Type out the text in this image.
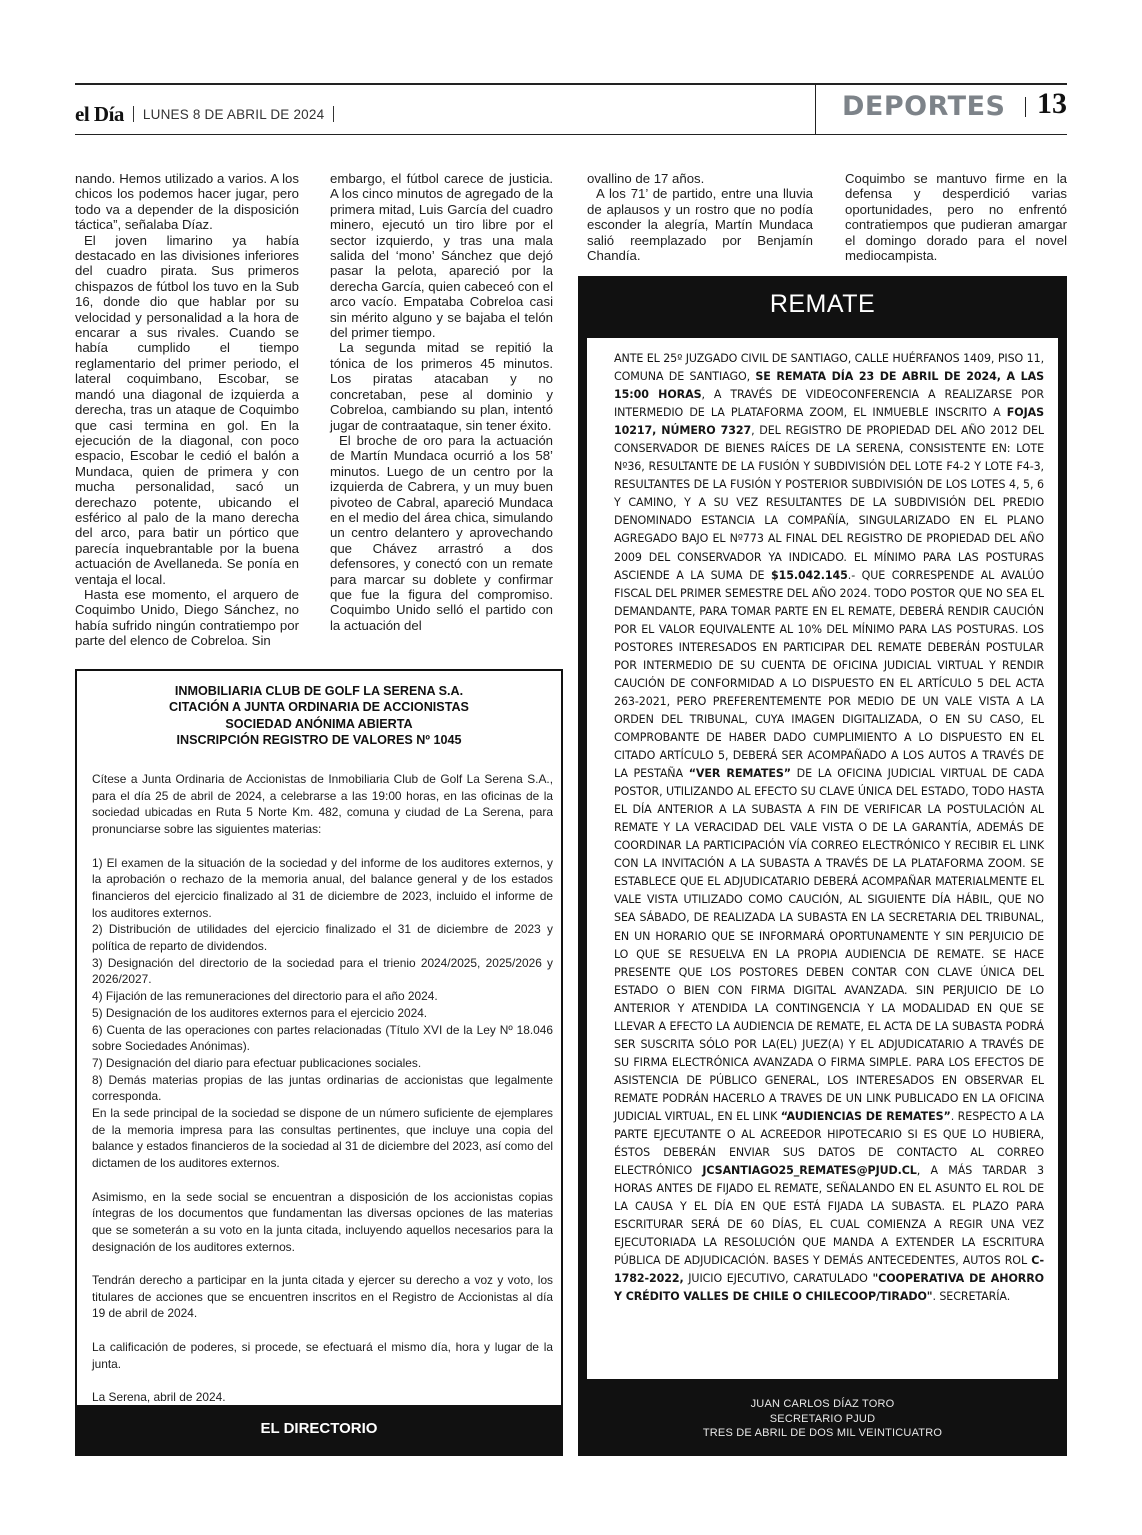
el Día LUNES 8 DE ABRIL DE 2024	DEPORTES 13

nando. Hemos utilizado a varios. A los chicos los podemos hacer jugar, pero todo va a depender de la disposición táctica”, señalaba Díaz.

El joven limarino ya había destacado en las divisiones inferiores del cuadro pirata. Sus primeros chispazos de fútbol los tuvo en la Sub 16, donde dio que hablar por su velocidad y personalidad a la hora de encarar a sus rivales. Cuando se había cumplido el tiempo reglamentario del primer periodo, el lateral coquimbano, Escobar, se mandó una diagonal de izquierda a derecha, tras un ataque de Coquimbo que casi termina en gol. En la ejecución de la diagonal, con poco espacio, Escobar le cedió el balón a Mundaca, quien de primera y con mucha personalidad, sacó un derechazo potente, ubicando el esférico al palo de la mano derecha del arco, para batir un pórtico que parecía inquebrantable por la buena actuación de Avellaneda. Se ponía en ventaja el local.

Hasta ese momento, el arquero de Coquimbo Unido, Diego Sánchez, no había sufrido ningún contratiempo por parte del elenco de Cobreloa. Sin

embargo, el fútbol carece de justicia. A los cinco minutos de agregado de la primera mitad, Luis García del cuadro minero, ejecutó un tiro libre por el sector izquierdo, y tras una mala salida del ‘mono’ Sánchez que dejó pasar la pelota, apareció por la derecha García, quien cabeceó con el arco vacío. Empataba Cobreloa casi sin mérito alguno y se bajaba el telón del primer tiempo.

La segunda mitad se repitió la tónica de los primeros 45 minutos. Los piratas atacaban y no concretaban, pese al dominio y Cobreloa, cambiando su plan, intentó jugar de contraataque, sin tener éxito.

El broche de oro para la actuación de Martín Mundaca ocurrió a los 58’ minutos. Luego de un centro por la izquierda de Cabrera, y un muy buen pivoteo de Cabral, apareció Mundaca en el medio del área chica, simulando un centro delantero y aprovechando que Chávez arrastró a dos defensores, y conectó con un remate para marcar su doblete y confirmar que fue la figura del compromiso. Coquimbo Unido selló el partido con la actuación del

ovallino de 17 años.

A los 71’ de partido, entre una lluvia de aplausos y un rostro que no podía esconder la alegría, Martín Mundaca salió reemplazado por Benjamín Chandía.

Coquimbo se mantuvo firme en la defensa y desperdició varias oportunidades, pero no enfrentó contratiempos que pudieran amargar el domingo dorado para el novel mediocampista.

INMOBILIARIA CLUB DE GOLF LA SERENA S.A.
CITACIÓN A JUNTA ORDINARIA DE ACCIONISTAS
SOCIEDAD ANÓNIMA ABIERTA
INSCRIPCIÓN REGISTRO DE VALORES Nº 1045
Cítese a Junta Ordinaria de Accionistas de Inmobiliaria Club de Golf La Serena S.A., para el día 25 de abril de 2024, a celebrarse a las 19:00 horas, en las oficinas de la sociedad ubicadas en Ruta 5 Norte Km. 482, comuna y ciudad de La Serena, para pronunciarse sobre las siguientes materias:
1) El examen de la situación de la sociedad y del informe de los auditores externos, y la aprobación o rechazo de la memoria anual, del balance general y de los estados financieros del ejercicio finalizado al 31 de diciembre de 2023, incluido el informe de los auditores externos.
2) Distribución de utilidades del ejercicio finalizado el 31 de diciembre de 2023 y política de reparto de dividendos.
3) Designación del directorio de la sociedad para el trienio 2024/2025, 2025/2026 y 2026/2027.
4) Fijación de las remuneraciones del directorio para el año 2024.
5) Designación de los auditores externos para el ejercicio 2024.
6) Cuenta de las operaciones con partes relacionadas (Título XVI de la Ley Nº 18.046 sobre Sociedades Anónimas).
7) Designación del diario para efectuar publicaciones sociales.
8) Demás materias propias de las juntas ordinarias de accionistas que legalmente corresponda.
En la sede principal de la sociedad se dispone de un número suficiente de ejemplares de la memoria impresa para las consultas pertinentes, que incluye una copia del balance y estados financieros de la sociedad al 31 de diciembre del 2023, así como del dictamen de los auditores externos.
Asimismo, en la sede social se encuentran a disposición de los accionistas copias íntegras de los documentos que fundamentan las diversas opciones de las materias que se someterán a su voto en la junta citada, incluyendo aquellos necesarios para la designación de los auditores externos.
Tendrán derecho a participar en la junta citada y ejercer su derecho a voz y voto, los titulares de acciones que se encuentren inscritos en el Registro de Accionistas al día 19 de abril de 2024.
La calificación de poderes, si procede, se efectuará el mismo día, hora y lugar de la junta.
La Serena, abril de 2024.
EL DIRECTORIO
REMATE
ANTE EL 25º JUZGADO CIVIL DE SANTIAGO, CALLE HUÉRFANOS 1409, PISO 11, COMUNA DE SANTIAGO, SE REMATA DÍA 23 DE ABRIL DE 2024, A LAS 15:00 HORAS, A TRAVÉS DE VIDEOCONFERENCIA A REALIZARSE POR INTERMEDIO DE LA PLATAFORMA ZOOM, EL INMUEBLE INSCRITO A FOJAS 10217, NÚMERO 7327, DEL REGISTRO DE PROPIEDAD DEL AÑO 2012 DEL CONSERVADOR DE BIENES RAÍCES DE LA SERENA, CONSISTENTE EN: LOTE Nº36, RESULTANTE DE LA FUSIÓN Y SUBDIVISIÓN DEL LOTE F4-2 Y LOTE F4-3, RESULTANTES DE LA FUSIÓN Y POSTERIOR SUBDIVISIÓN DE LOS LOTES 4, 5, 6 Y CAMINO, Y A SU VEZ RESULTANTES DE LA SUBDIVISIÓN DEL PREDIO DENOMINADO ESTANCIA LA COMPAÑÍA, SINGULARIZADO EN EL PLANO AGREGADO BAJO EL Nº773 AL FINAL DEL REGISTRO DE PROPIEDAD DEL AÑO 2009 DEL CONSERVADOR YA INDICADO. EL MÍNIMO PARA LAS POSTURAS ASCIENDE A LA SUMA DE $15.042.145.- QUE CORRESPENDE AL AVALÚO FISCAL DEL PRIMER SEMESTRE DEL AÑO 2024. TODO POSTOR QUE NO SEA EL DEMANDANTE, PARA TOMAR PARTE EN EL REMATE, DEBERÁ RENDIR CAUCIÓN POR EL VALOR EQUIVALENTE AL 10% DEL MÍNIMO PARA LAS POSTURAS. LOS POSTORES INTERESADOS EN PARTICIPAR DEL REMATE DEBERÁN POSTULAR POR INTERMEDIO DE SU CUENTA DE OFICINA JUDICIAL VIRTUAL Y RENDIR CAUCIÓN DE CONFORMIDAD A LO DISPUESTO EN EL ARTÍCULO 5 DEL ACTA 263-2021, PERO PREFERENTEMENTE POR MEDIO DE UN VALE VISTA A LA ORDEN DEL TRIBUNAL, CUYA IMAGEN DIGITALIZADA, O EN SU CASO, EL COMPROBANTE DE HABER DADO CUMPLIMIENTO A LO DISPUESTO EN EL CITADO ARTÍCULO 5, DEBERÁ SER ACOMPAÑADO A LOS AUTOS A TRAVÉS DE LA PESTAÑA “VER REMATES” DE LA OFICINA JUDICIAL VIRTUAL DE CADA POSTOR, UTILIZANDO AL EFECTO SU CLAVE ÚNICA DEL ESTADO, TODO HASTA EL DÍA ANTERIOR A LA SUBASTA A FIN DE VERIFICAR LA POSTULACIÓN AL REMATE Y LA VERACIDAD DEL VALE VISTA O DE LA GARANTÍA, ADEMÁS DE COORDINAR LA PARTICIPACIÓN VÍA CORREO ELECTRÓNICO Y RECIBIR EL LINK CON LA INVITACIÓN A LA SUBASTA A TRAVÉS DE LA PLATAFORMA ZOOM. SE ESTABLECE QUE EL ADJUDICATARIO DEBERÁ ACOMPAÑAR MATERIALMENTE EL VALE VISTA UTILIZADO COMO CAUCIÓN, AL SIGUIENTE DÍA HÁBIL, QUE NO SEA SÁBADO, DE REALIZADA LA SUBASTA EN LA SECRETARIA DEL TRIBUNAL, EN UN HORARIO QUE SE INFORMARÁ OPORTUNAMENTE Y SIN PERJUICIO DE LO QUE SE RESUELVA EN LA PROPIA AUDIENCIA DE REMATE. SE HACE PRESENTE QUE LOS POSTORES DEBEN CONTAR CON CLAVE ÚNICA DEL ESTADO O BIEN CON FIRMA DIGITAL AVANZADA. SIN PERJUICIO DE LO ANTERIOR Y ATENDIDA LA CONTINGENCIA Y LA MODALIDAD EN QUE SE LLEVAR A EFECTO LA AUDIENCIA DE REMATE, EL ACTA DE LA SUBASTA PODRÁ SER SUSCRITA SÓLO POR LA(EL) JUEZ(A) Y EL ADJUDICATARIO A TRAVÉS DE SU FIRMA ELECTRÓNICA AVANZADA O FIRMA SIMPLE. PARA LOS EFECTOS DE ASISTENCIA DE PÚBLICO GENERAL, LOS INTERESADOS EN OBSERVAR EL REMATE PODRÁN HACERLO A TRAVES DE UN LINK PUBLICADO EN LA OFICINA JUDICIAL VIRTUAL, EN EL LINK “AUDIENCIAS DE REMATES”. RESPECTO A LA PARTE EJECUTANTE O AL ACREEDOR HIPOTECARIO SI ES QUE LO HUBIERA, ÉSTOS DEBERÁN ENVIAR SUS DATOS DE CONTACTO AL CORREO ELECTRÓNICO JCSANTIAGO25_REMATES@PJUD.CL, A MÁS TARDAR 3 HORAS ANTES DE FIJADO EL REMATE, SEÑALANDO EN EL ASUNTO EL ROL DE LA CAUSA Y EL DÍA EN QUE ESTÁ FIJADA LA SUBASTA. EL PLAZO PARA ESCRITURAR SERÁ DE 60 DÍAS, EL CUAL COMIENZA A REGIR UNA VEZ EJECUTORIADA LA RESOLUCIÓN QUE MANDA A EXTENDER LA ESCRITURA PÚBLICA DE ADJUDICACIÓN. BASES Y DEMÁS ANTECEDENTES, AUTOS ROL C-1782-2022, JUICIO EJECUTIVO, CARATULADO "COOPERATIVA DE AHORRO Y CRÉDITO VALLES DE CHILE O CHILECOOP/TIRADO". SECRETARÍA.
JUAN CARLOS DÍAZ TORO
SECRETARIO PJUD
TRES DE ABRIL DE DOS MIL VEINTICUATRO
